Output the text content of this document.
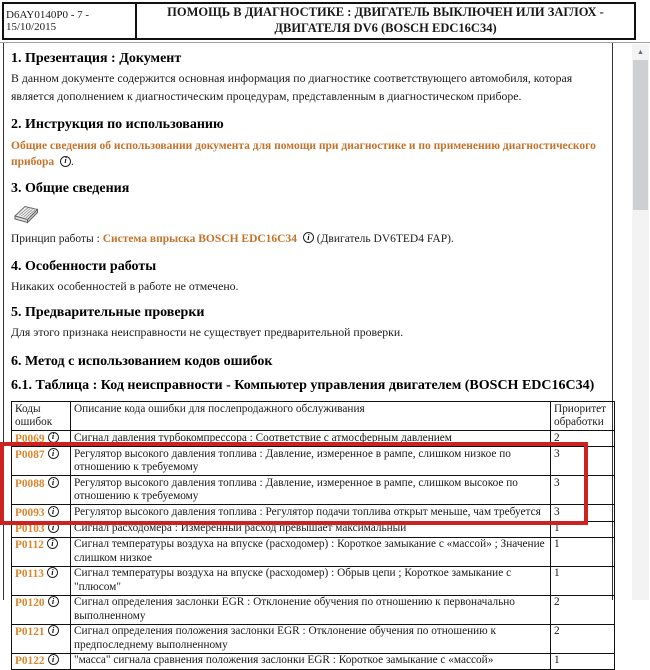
D6AY0140P0 - 7 - 15/10/2015
ПОМОЩЬ В ДИАГНОСТИКЕ : ДВИГАТЕЛЬ ВЫКЛЮЧЕН ИЛИ ЗАГЛОХ - ДВИГАТЕЛЯ DV6 (BOSCH EDC16C34)
▲
1. Презентация : Документ
В данном документе содержится основная информация по диагностике соответствующего автомобиля, которая является дополнением к диагностическим процедурам, представленным в диагностическом приборе.
2. Инструкция по использованию
Общие сведения об использовании документа для помощи при диагностике и по применению диагностического прибора i .
3. Общие сведения
Принцип работы : Система впрыска BOSCH EDC16C34 i (Двигатель DV6TED4 FAP).
4. Особенности работы
Никаких особенностей в работе не отмечено.
5. Предварительные проверки
Для этого признака неисправности не существует предварительной проверки.
6. Метод с использованием кодов ошибок
6.1. Таблица : Код неисправности - Компьютер управления двигателем (BOSCH EDC16C34)
Коды ошибок	Описание кода ошибки для послепродажного обслуживания	Приоритет обработки
P0069 i	Сигнал давления турбокомпрессора : Соответствие с атмосферным давлением	2
P0087 i	Регулятор высокого давления топлива : Давление, измеренное в рампе, слишком низкое по отношению к требуемому	3
P0088 i	Регулятор высокого давления топлива : Давление, измеренное в рампе, слишком высокое по отношению к требуемому	3
P0093 i	Регулятор высокого давления топлива : Регулятор подачи топлива открыт меньше, чам требуется	3
P0103 i	Сигнал расходомера : Измеренный расход превышает максимальный	1
P0112 i	Сигнал температуры воздуха на впуске (расходомер) : Короткое замыкание с «массой» ; Значение слишком низкое	1
P0113 i	Сигнал температуры воздуха на впуске (расходомер) : Обрыв цепи ; Короткое замыкание с "плюсом"	1
P0120 i	Сигнал определения заслонки EGR : Отклонение обучения по отношению к первоначально выполненному	2
P0121 i	Сигнал определения положения заслонки EGR : Отклонение обучения по отношению к предпоследнему выполненному	2
P0122 i	"масса" сигнала сравнения положения заслонки EGR : Короткое замыкание с «массой»	1
